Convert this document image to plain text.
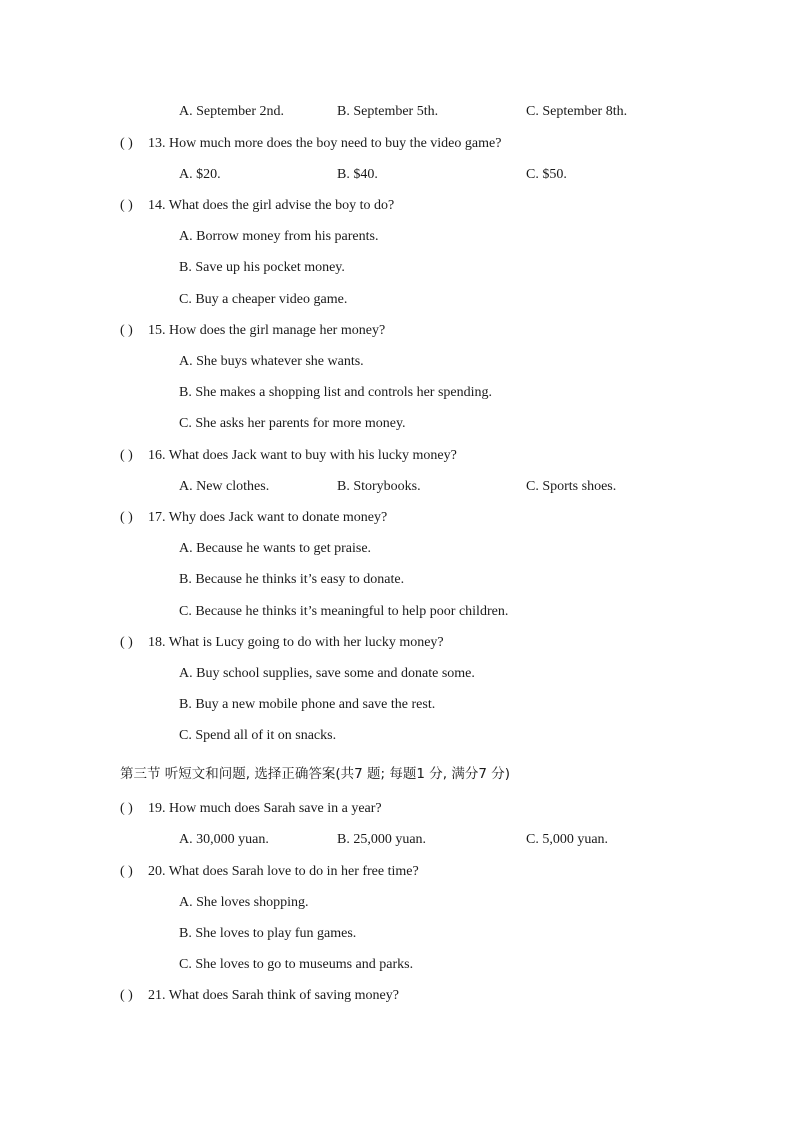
A. September 2nd.	B. September 5th.	C. September 8th.
( ) 13. How much more does the boy need to buy the video game?
A. $20.	B. $40.	C. $50.
( ) 14. What does the girl advise the boy to do?
A. Borrow money from his parents.
B. Save up his pocket money.
C. Buy a cheaper video game.
( ) 15. How does the girl manage her money?
A. She buys whatever she wants.
B. She makes a shopping list and controls her spending.
C. She asks her parents for more money.
( ) 16. What does Jack want to buy with his lucky money?
A. New clothes.	B. Storybooks.	C. Sports shoes.
( ) 17. Why does Jack want to donate money?
A. Because he wants to get praise.
B. Because he thinks it’s easy to donate.
C. Because he thinks it’s meaningful to help poor children.
( ) 18. What is Lucy going to do with her lucky money?
A. Buy school supplies, save some and donate some.
B. Buy a new mobile phone and save the rest.
C. Spend all of it on snacks.
第三节 听短文和问题, 选择正确答案(共7 题; 每题1 分, 满分7 分)
( ) 19. How much does Sarah save in a year?
A. 30,000 yuan.	B. 25,000 yuan.	C. 5,000 yuan.
( ) 20. What does Sarah love to do in her free time?
A. She loves shopping.
B. She loves to play fun games.
C. She loves to go to museums and parks.
( ) 21. What does Sarah think of saving money?
